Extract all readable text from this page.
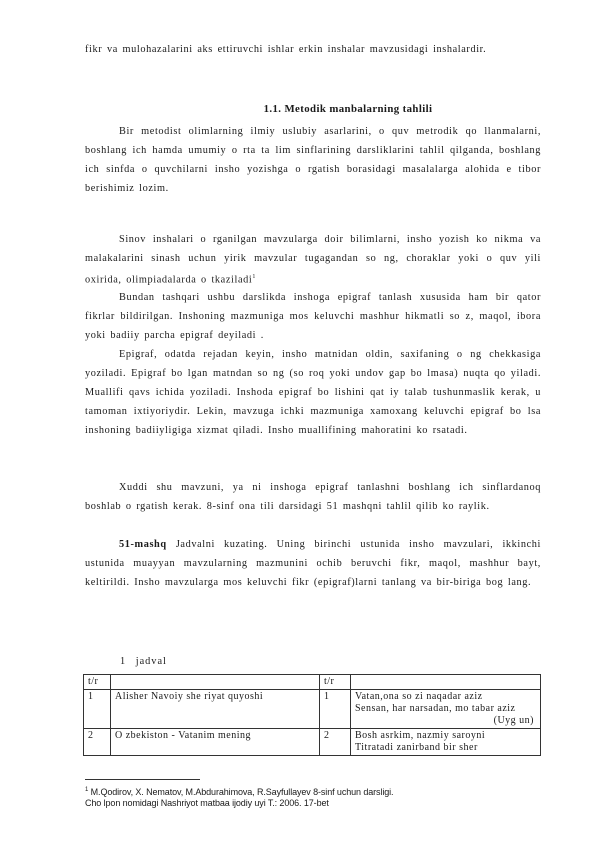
fikr va mulohazalarini aks ettiruvchi ishlar erkin inshalar mavzusidagi inshalardir.

1.1. Metodik manbalarning tahlili

Bir metodist olimlarning ilmiy uslubiy asarlarini, o quv metrodik qo llanmalarni, boshlang ich hamda umumiy o rta ta lim sinflarining darsliklarini tahlil qilganda, boshlang ich sinfda o quvchilarni insho yozishga o rgatish borasidagi masalalarga alohida e tibor berishimiz lozim.

Sinov inshalari o rganilgan mavzularga doir bilimlarni, insho yozish ko nikma va malakalarini sinash uchun yirik mavzular tugagandan so ng, choraklar yoki o quv yili oxirida, olimpiadalarda o tkaziladi$^1$

Bundan tashqari ushbu darslikda inshoga epigraf tanlash xususida ham bir qator fikrlar bildirilgan. Inshoning mazmuniga mos keluvchi mashhur hikmatli so z, maqol, ibora yoki badiiy parcha epigraf deyiladi .

Epigraf, odatda rejadan keyin, insho matnidan oldin, saxifaning o ng chekkasiga yoziladi. Epigraf bo lgan matndan so ng (so roq yoki undov gap bo lmasa) nuqta qo yiladi. Muallifi qavs ichida yoziladi. Inshoda epigraf bo lishini qat iy talab tushunmaslik kerak, u tamoman ixtiyoriydir. Lekin, mavzuga ichki mazmuniga xamoxang keluvchi epigraf bo lsa inshoning badiiyligiga xizmat qiladi. Insho muallifining mahoratini ko rsatadi.

Xuddi shu mavzuni, ya ni inshoga epigraf tanlashni boshlang ich sinflardanoq boshlab o rgatish kerak. 8-sinf ona tili darsidagi 51 mashqni tahlil qilib ko raylik.

51-mashq Jadvalni kuzating. Uning birinchi ustunida insho mavzulari, ikkinchi ustunida muayyan mavzularning mazmunini ochib beruvchi fikr, maqol, mashhur bayt, keltirildi. Insho mavzularga mos keluvchi fikr (epigraf)larni tanlang va bir-biriga bog lang.

1 jadval
t/r		t/r	
1	Alisher Navoiy she riyat quyoshi	1	Vatan,ona so zi naqadar aziz
Sensan, har narsadan, mo tabar aziz
(Uyg un)

2	O zbekiston - Vatanim mening	2	Bosh asrkim, nazmiy saroyni
Titratadi zanirband bir sher
$^1$ M.Qodirov, X. Nematov, M.Abdurahimova, R.Sayfullayev 8-sinf uchun darsligi.
Cho lpon nomidagi Nashriyot matbaa ijodiy uyi T.: 2006. 17-bet
